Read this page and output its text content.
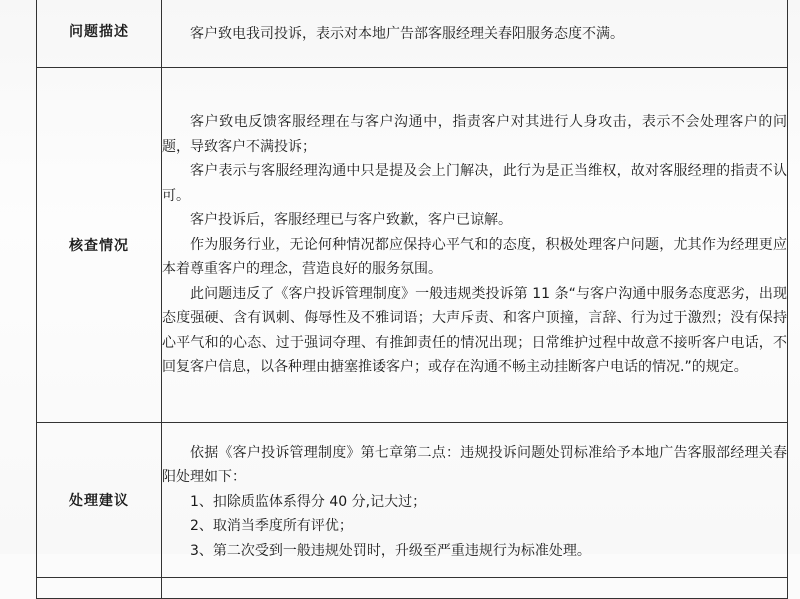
问题描述	客户致电我司投诉，表示对本地广告部客服经理关春阳服务态度不满。

核查情况	客户致电反馈客服经理在与客户沟通中，指责客户对其进行人身攻击，表示不会处理客户的问题，导致客户不满投诉；

客户表示与客服经理沟通中只是提及会上门解决，此行为是正当维权，故对客服经理的指责不认可。

客户投诉后，客服经理已与客户致歉，客户已谅解。

作为服务行业，无论何种情况都应保持心平气和的态度，积极处理客户问题，尤其作为经理更应本着尊重客户的理念，营造良好的服务氛围。

此问题违反了《客户投诉管理制度》一般违规类投诉第 11 条“与客户沟通中服务态度恶劣，出现态度强硬、含有讽刺、侮辱性及不雅词语；大声斥责、和客户顶撞，言辞、行为过于激烈；没有保持心平气和的心态、过于强词夺理、有推卸责任的情况出现；日常维护过程中故意不接听客户电话，不回复客户信息，以各种理由搪塞推诿客户；或存在沟通不畅主动挂断客户电话的情况.”的规定。

处理建议	依据《客户投诉管理制度》第七章第二点：违规投诉问题处罚标准给予本地广告客服部经理关春阳处理如下：

1、扣除质监体系得分 40 分,记大过；

2、取消当季度所有评优；

3、第二次受到一般违规处罚时，升级至严重违规行为标准处理。
